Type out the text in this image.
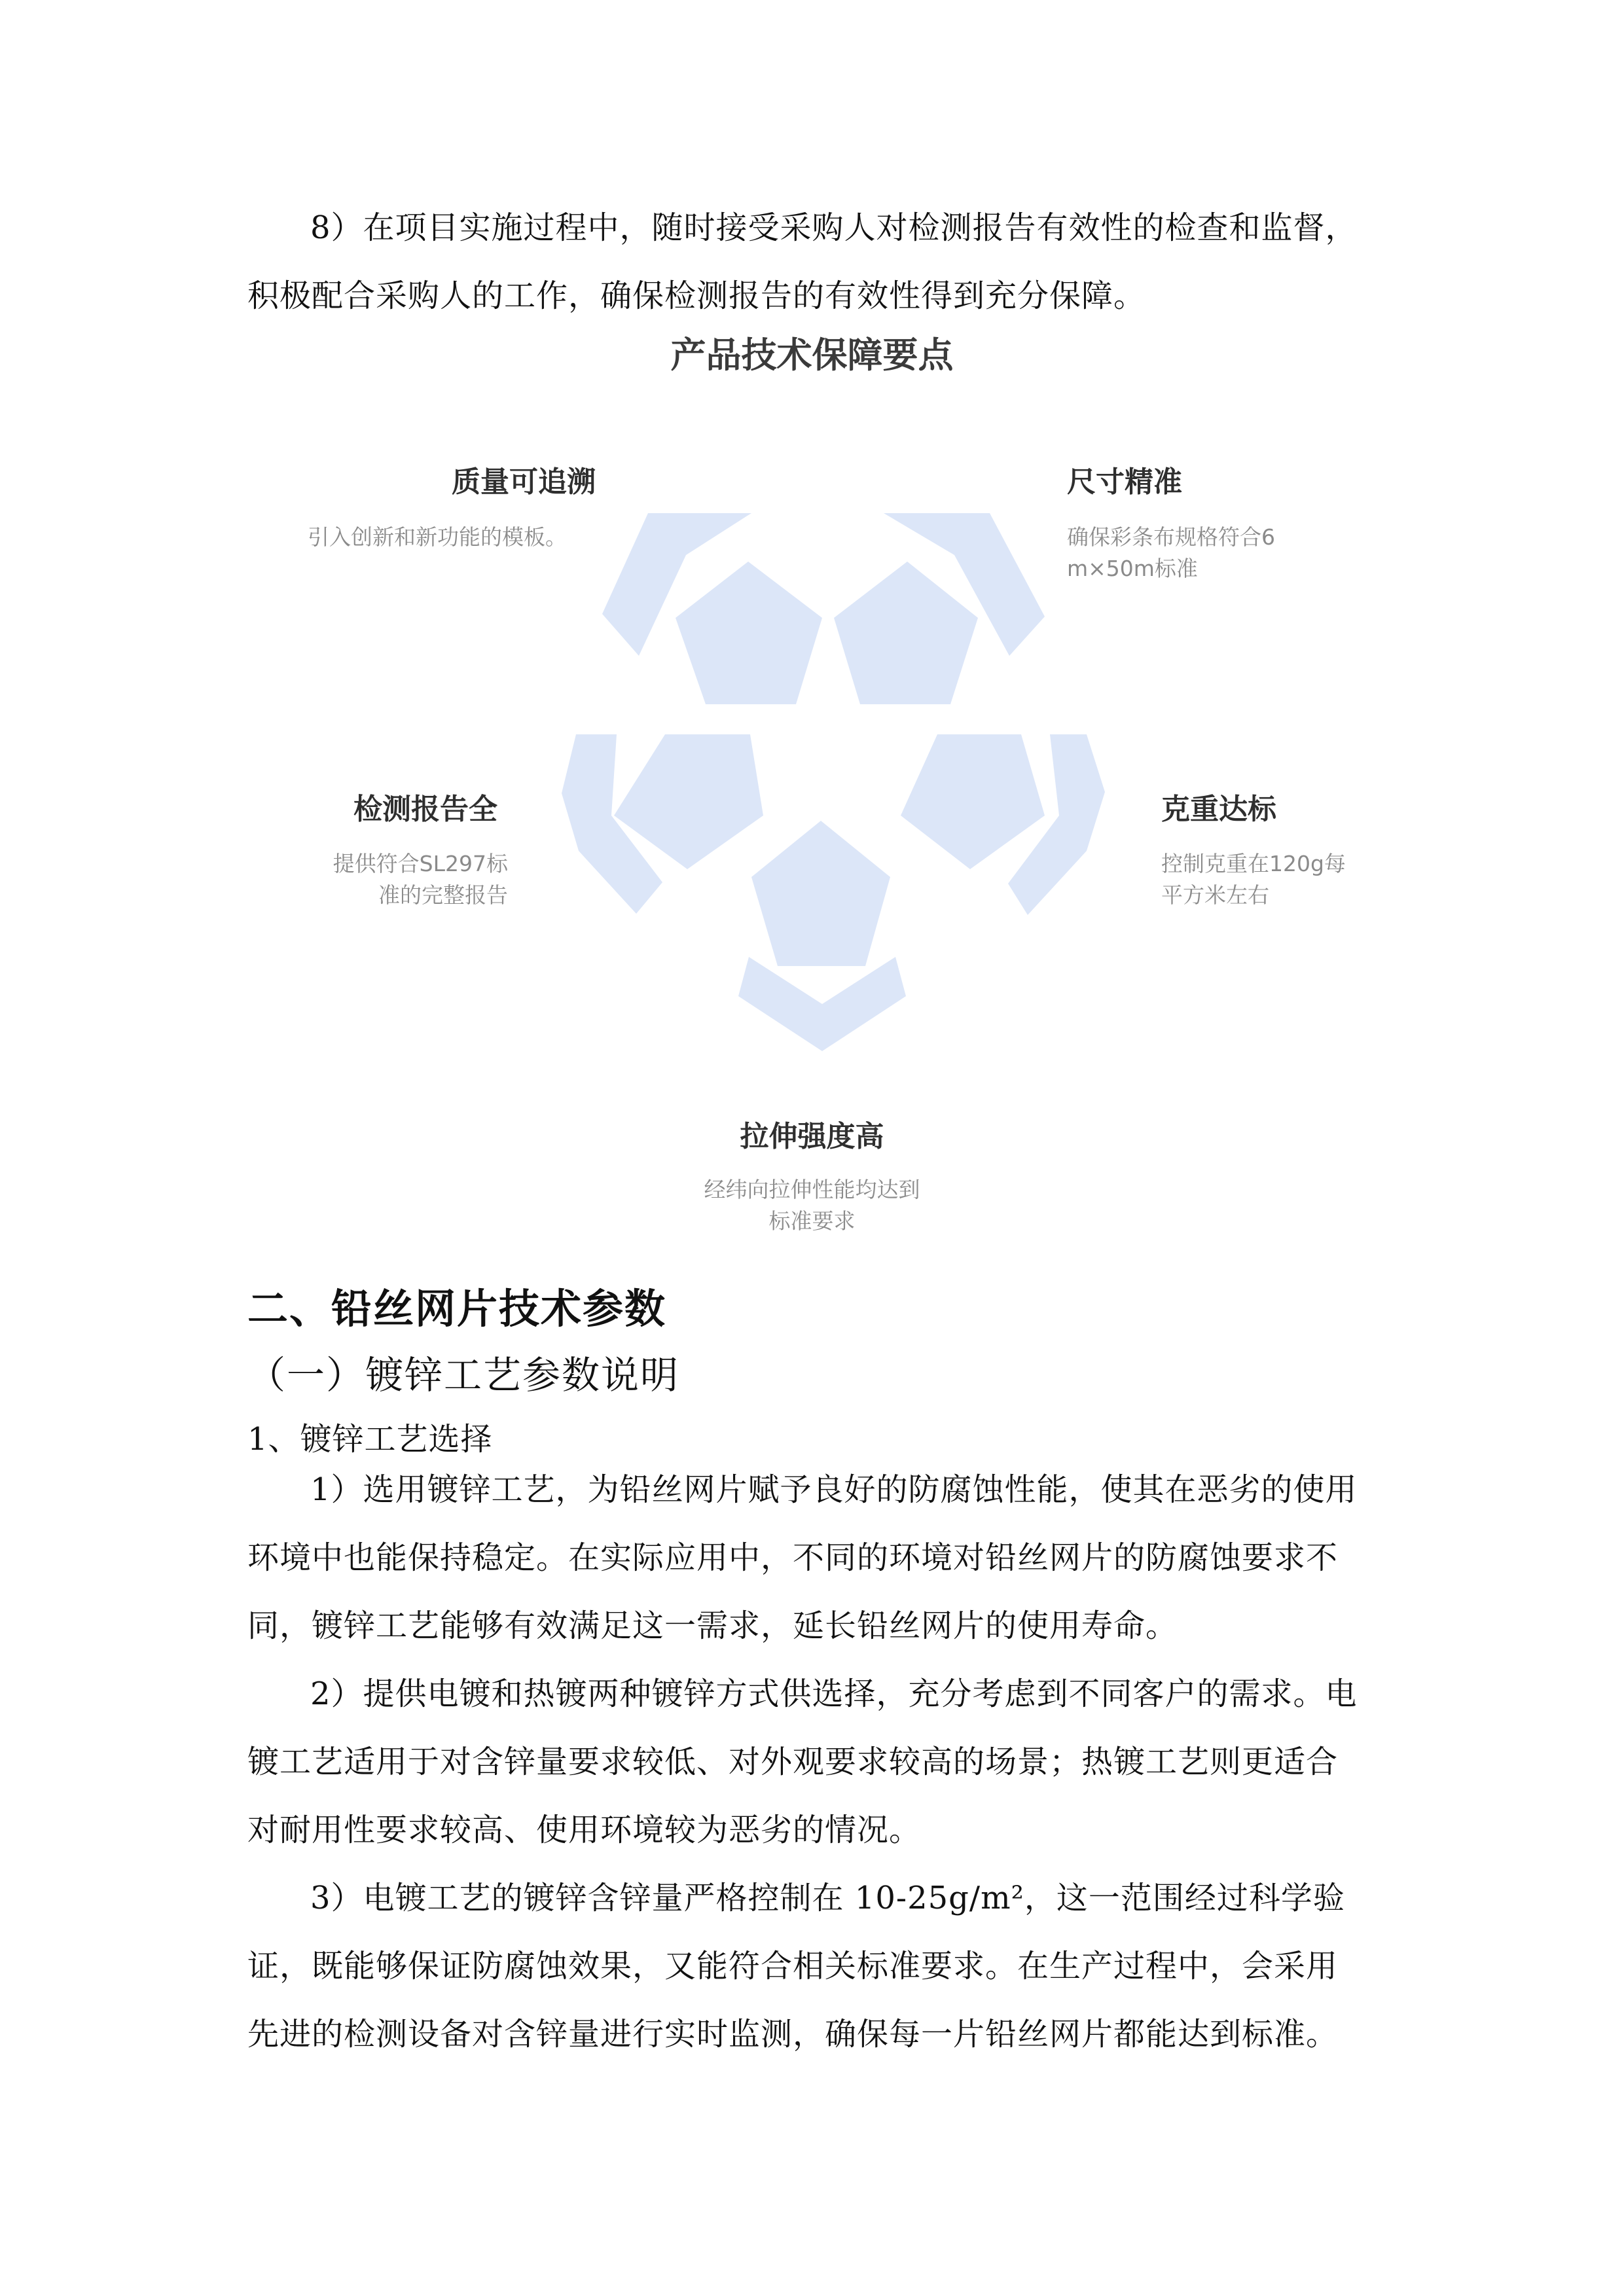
8）在项目实施过程中，随时接受采购人对检测报告有效性的检查和监督，
积极配合采购人的工作，确保检测报告的有效性得到充分保障。

产品技术保障要点
质量可追溯
引入创新和新功能的模板。
尺寸精准
确保彩条布规格符合6
m×50m标准
检测报告全
提供符合SL297标
准的完整报告
克重达标
控制克重在120g每
平方米左右
拉伸强度高
经纬向拉伸性能均达到
标准要求
二、铅丝网片技术参数
（一）镀锌工艺参数说明
1、镀锌工艺选择

1）选用镀锌工艺，为铅丝网片赋予良好的防腐蚀性能，使其在恶劣的使用
环境中也能保持稳定。在实际应用中，不同的环境对铅丝网片的防腐蚀要求不
同，镀锌工艺能够有效满足这一需求，延长铅丝网片的使用寿命。

2）提供电镀和热镀两种镀锌方式供选择，充分考虑到不同客户的需求。电
镀工艺适用于对含锌量要求较低、对外观要求较高的场景；热镀工艺则更适合
对耐用性要求较高、使用环境较为恶劣的情况。

3）电镀工艺的镀锌含锌量严格控制在 10-25g/m²，这一范围经过科学验
证，既能够保证防腐蚀效果，又能符合相关标准要求。在生产过程中，会采用
先进的检测设备对含锌量进行实时监测，确保每一片铅丝网片都能达到标准。
